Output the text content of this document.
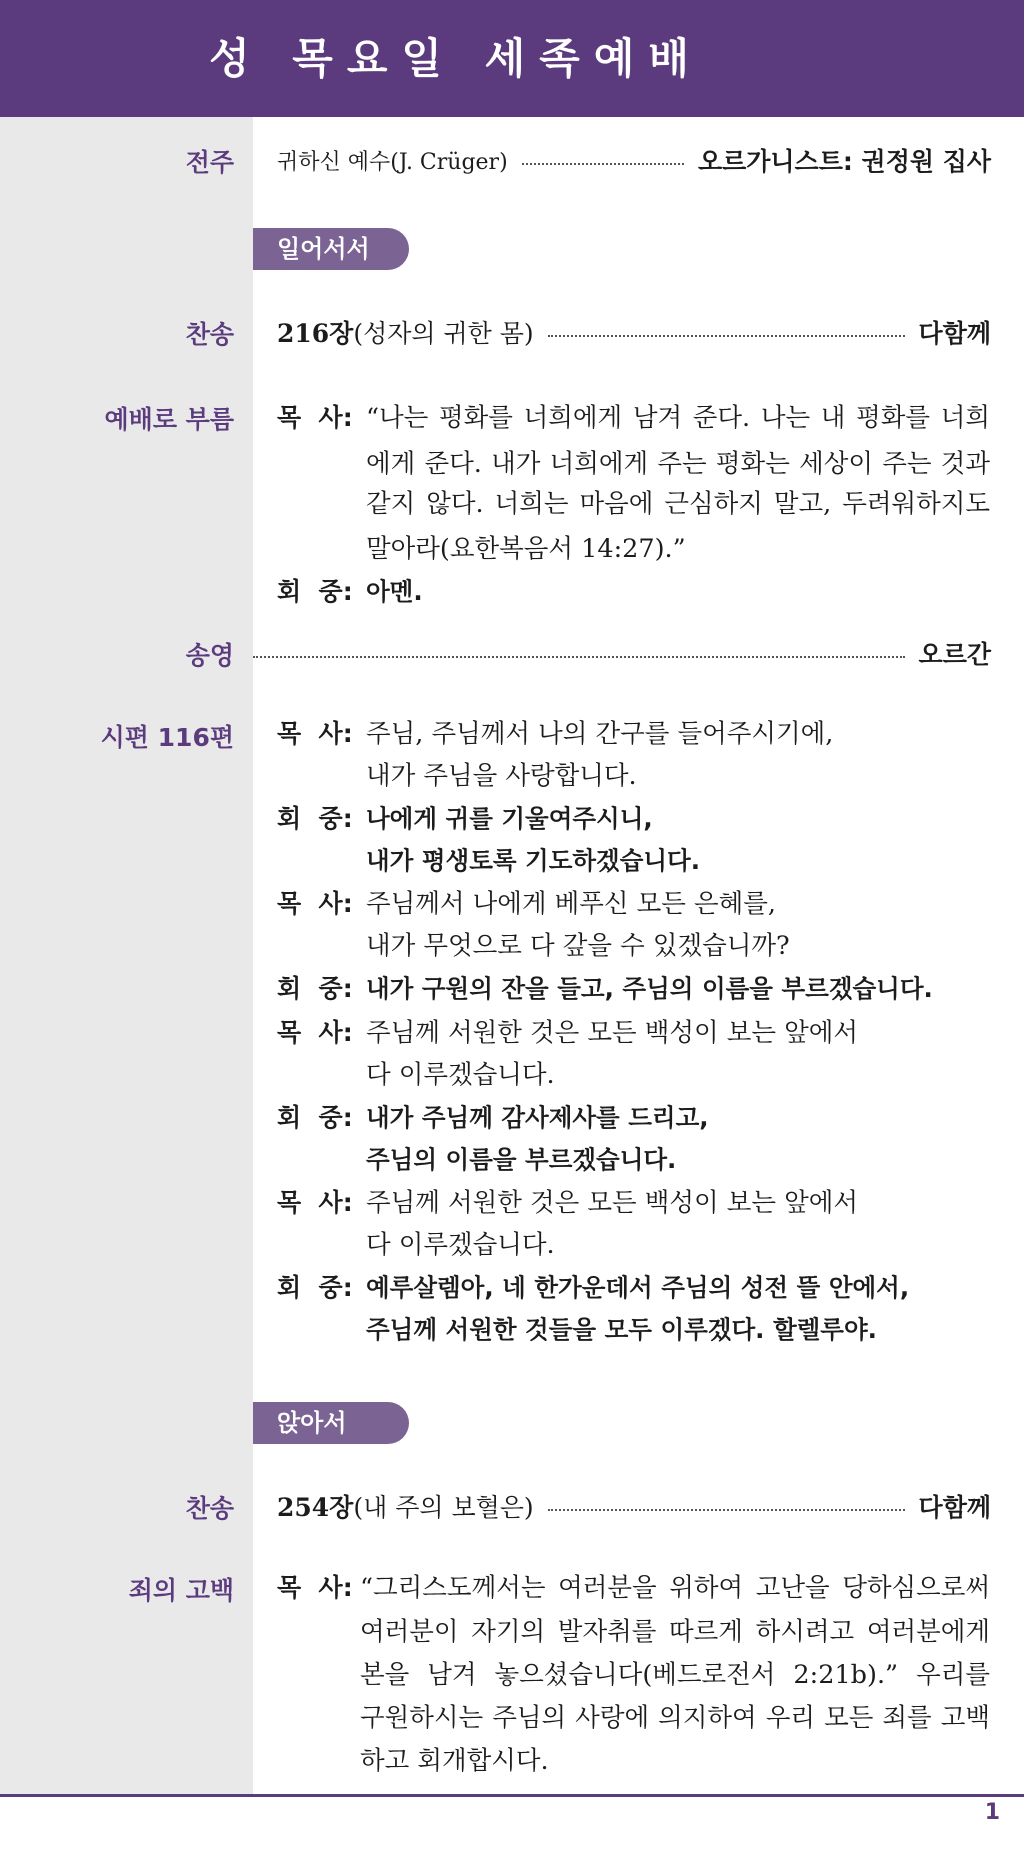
성 목요일 세족예배
전주 귀하신 예수(J. Crüger)	오르가니스트: 권정원 집사
일어서서
찬송 216장 (성자의 귀한 몸)	다함께
예배로 부름 목  사: “나는 평화를 너희에게 남겨 준다. 나는 내 평화를 너희
에게 준다. 내가 너희에게 주는 평화는 세상이 주는 것과
같지 않다. 너희는 마음에 근심하지 말고, 두려워하지도
말아라(요한복음서 14:27).”
회  중: 아멘.
송영	오르간
시편 116편 목  사: 주님, 주님께서 나의 간구를 들어주시기에,
내가 주님을 사랑합니다.
회  중: 나에게 귀를 기울여주시니,
내가 평생토록 기도하겠습니다.
목  사: 주님께서 나에게 베푸신 모든 은혜를,
내가 무엇으로 다 갚을 수 있겠습니까?
회  중: 내가 구원의 잔을 들고, 주님의 이름을 부르겠습니다.
목  사: 주님께 서원한 것은 모든 백성이 보는 앞에서
다 이루겠습니다.
회  중: 내가 주님께 감사제사를 드리고,
주님의 이름을 부르겠습니다.
목  사: 주님께 서원한 것은 모든 백성이 보는 앞에서
다 이루겠습니다.
회  중: 예루살렘아, 네 한가운데서 주님의 성전 뜰 안에서,
주님께 서원한 것들을 모두 이루겠다. 할렐루야.
앉아서
찬송 254장 (내 주의 보혈은)	다함께
죄의 고백 목  사: “그리스도께서는 여러분을 위하여 고난을 당하심으로써
여러분이 자기의 발자취를 따르게 하시려고 여러분에게
본을 남겨 놓으셨습니다(베드로전서 2:21b).” 우리를
구원하시는 주님의 사랑에 의지하여 우리 모든 죄를 고백
하고 회개합시다.
1
